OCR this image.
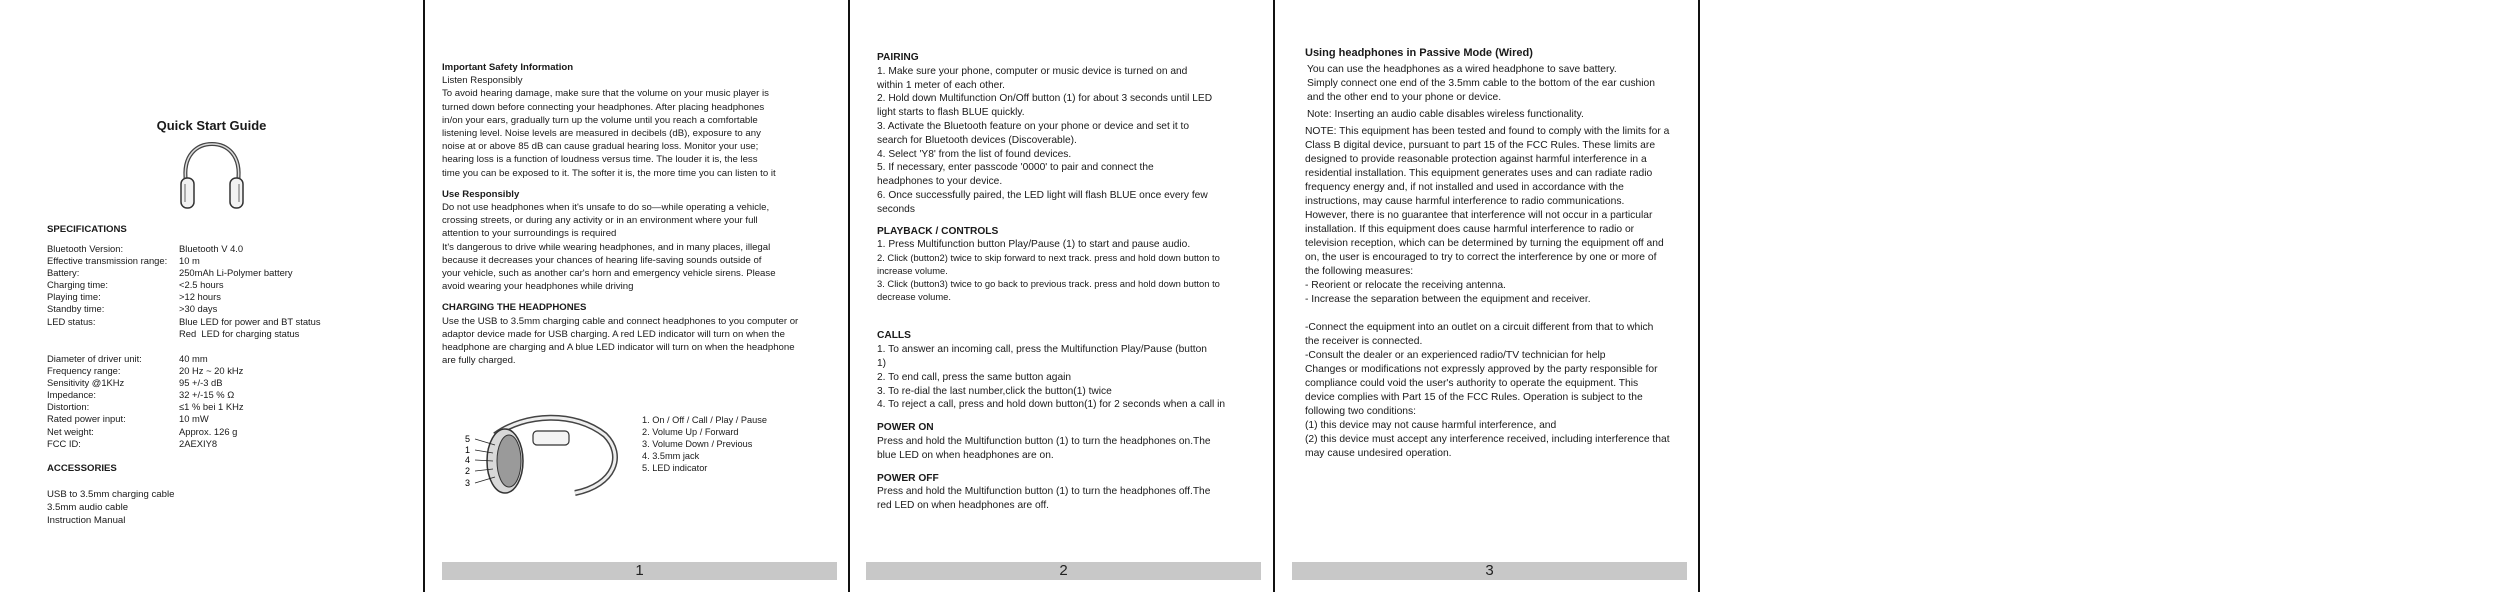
Quick Start Guide
SPECIFICATIONS
Bluetooth Version:	Bluetooth V 4.0
Effective transmission range:	10 m
Battery:	250mAh Li-Polymer battery
Charging time:	<2.5 hours
Playing time:	>12 hours
Standby time:	>30 days
LED status:	Blue LED for power and BT status
Red  LED for charging status
Diameter of driver unit:	40 mm
Frequency range:	20 Hz ~ 20 kHz
Sensitivity @1KHz	95 +/-3 dB
Impedance:	32 +/-15 % Ω
Distortion:	≤1 % bei 1 KHz
Rated power input:	10 mW
Net weight:	Approx. 126 g
FCC ID:	2AEXIY8
ACCESSORIES

USB to 3.5mm charging cable

3.5mm audio cable

Instruction Manual

Important Safety Information

Listen Responsibly

To avoid hearing damage, make sure that the volume on your music player is

turned down before connecting your headphones. After placing headphones

in/on your ears, gradually turn up the volume until you reach a comfortable

listening level. Noise levels are measured in decibels (dB), exposure to any

noise at or above 85 dB can cause gradual hearing loss. Monitor your use;

hearing loss is a function of loudness versus time. The louder it is, the less

time you can be exposed to it. The softer it is, the more time you can listen to it

Use Responsibly

Do not use headphones when it's unsafe to do so—while operating a vehicle,

crossing streets, or during any activity or in an environment where your full

attention to your surroundings is required

It's dangerous to drive while wearing headphones, and in many places, illegal

because it decreases your chances of hearing life-saving sounds outside of

your vehicle, such as another car's horn and emergency vehicle sirens. Please

avoid wearing your headphones while driving

CHARGING THE HEADPHONES

Use the USB to 3.5mm charging cable and connect headphones to you computer or

adaptor device made for USB charging. A red LED indicator will turn on when the

headphone are charging and A blue LED indicator will turn on when the headphone

are fully charged.

5
1
4
2
3

1. On / Off / Call / Play / Pause

2. Volume Up / Forward

3. Volume Down / Previous

4. 3.5mm jack

5. LED indicator

1

PAIRING

1. Make sure your phone, computer or music device is turned on and

within 1 meter of each other.

2. Hold down Multifunction On/Off button (1) for about 3 seconds until LED

light starts to flash BLUE quickly.

3. Activate the Bluetooth feature on your phone or device and set it to

search for Bluetooth devices (Discoverable).

4. Select 'Y8' from the list of found devices.

5. If necessary, enter passcode '0000' to pair and connect the

headphones to your device.

6. Once successfully paired, the LED light will flash BLUE once every few

seconds

PLAYBACK / CONTROLS

1. Press Multifunction button Play/Pause (1) to start and pause audio.

2. Click (button2) twice to skip forward to next track. press and hold down button to

increase volume.

3. Click (button3) twice to go back to previous track. press and hold down button to

decrease volume.

CALLS

1. To answer an incoming call, press the Multifunction Play/Pause (button

1)

2. To end call, press the same button again

3. To re-dial the last number,click the button(1) twice

4. To reject a call, press and hold down button(1) for 2 seconds when a call in

POWER ON

Press and hold the Multifunction button (1) to turn the headphones on.The

blue LED on when headphones are on.

POWER OFF

Press and hold the Multifunction button (1) to turn the headphones off.The

red LED on when headphones are off.

2

Using headphones in Passive Mode (Wired)

You can use the headphones as a wired headphone to save battery.

Simply connect one end of the 3.5mm cable to the bottom of the ear cushion

and the other end to your phone or device.

Note: Inserting an audio cable disables wireless functionality.

NOTE: This equipment has been tested and found to comply with the limits for a

Class B digital device, pursuant to part 15 of the FCC Rules. These limits are

designed to provide reasonable protection against harmful interference in a

residential installation. This equipment generates uses and can radiate radio

frequency energy and, if not installed and used in accordance with the

instructions, may cause harmful interference to radio communications.

However, there is no guarantee that interference will not occur in a particular

installation. If this equipment does cause harmful interference to radio or

television reception, which can be determined by turning the equipment off and

on, the user is encouraged to try to correct the interference by one or more of

the following measures:

- Reorient or relocate the receiving antenna.

- Increase the separation between the equipment and receiver.

-Connect the equipment into an outlet on a circuit different from that to which

the receiver is connected.

-Consult the dealer or an experienced radio/TV technician for help

Changes or modifications not expressly approved by the party responsible for

compliance could void the user's authority to operate the equipment. This

device complies with Part 15 of the FCC Rules. Operation is subject to the

following two conditions:

(1) this device may not cause harmful interference, and

(2) this device must accept any interference received, including interference that

may cause undesired operation.

3
